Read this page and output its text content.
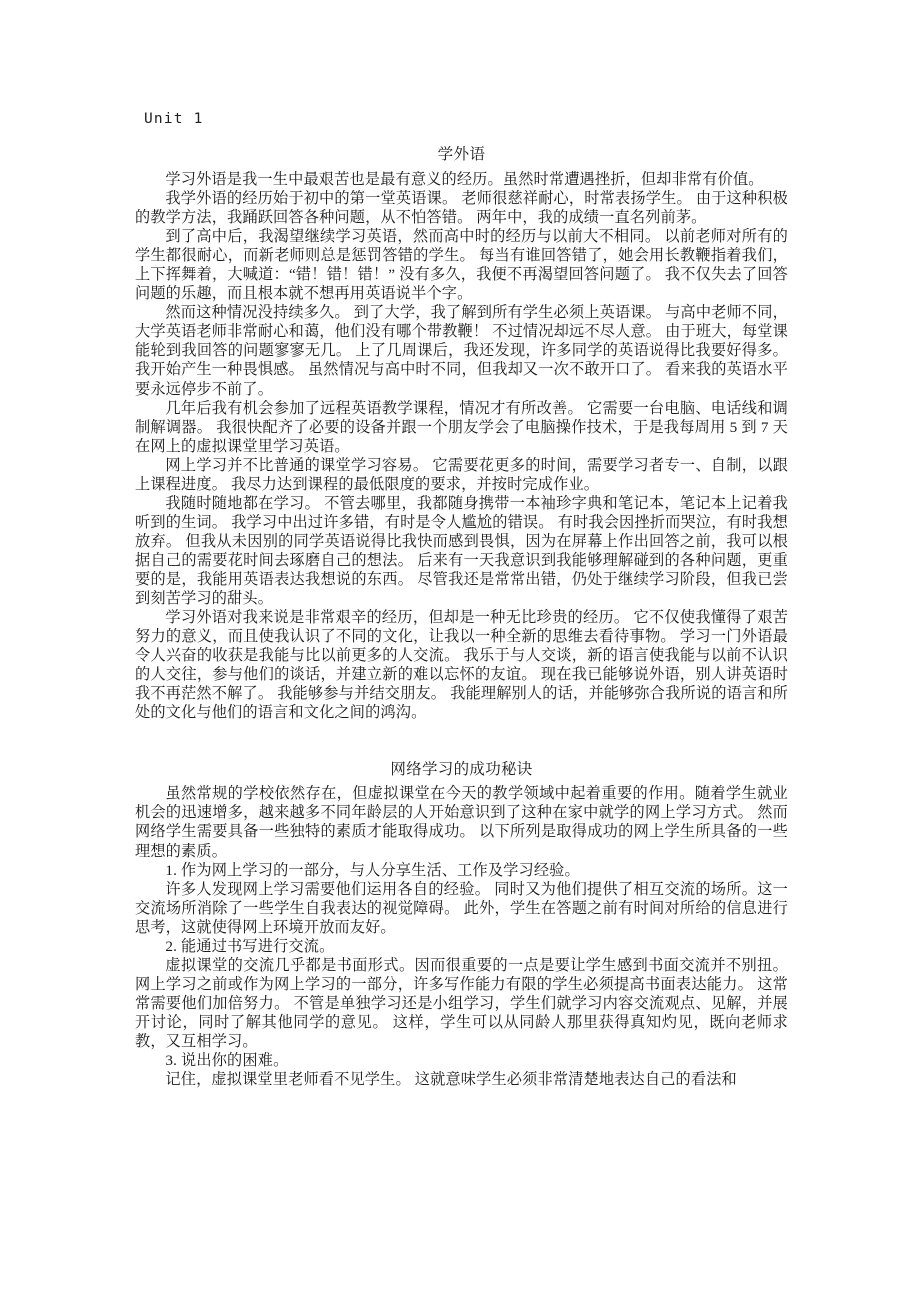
Unit 1
学外语

学习外语是我一生中最艰苦也是最有意义的经历。虽然时常遭遇挫折，但却非常有价值。

我学外语的经历始于初中的第一堂英语课。 老师很慈祥耐心，时常表扬学生。 由于这种积极的教学方法，我踊跃回答各种问题，从不怕答错。 两年中，我的成绩一直名列前茅。

到了高中后，我渴望继续学习英语，然而高中时的经历与以前大不相同。 以前老师对所有的学生都很耐心，而新老师则总是惩罚答错的学生。 每当有谁回答错了，她会用长教鞭指着我们，上下挥舞着，大喊道：“错！错！错！” 没有多久，我便不再渴望回答问题了。 我不仅失去了回答问题的乐趣，而且根本就不想再用英语说半个字。

然而这种情况没持续多久。 到了大学，我了解到所有学生必须上英语课。 与高中老师不同，大学英语老师非常耐心和蔼，他们没有哪个带教鞭！ 不过情况却远不尽人意。 由于班大，每堂课能轮到我回答的问题寥寥无几。 上了几周课后，我还发现，许多同学的英语说得比我要好得多。 我开始产生一种畏惧感。 虽然情况与高中时不同，但我却又一次不敢开口了。 看来我的英语水平要永远停步不前了。

几年后我有机会参加了远程英语教学课程，情况才有所改善。 它需要一台电脑、电话线和调制解调器。 我很快配齐了必要的设备并跟一个朋友学会了电脑操作技术，于是我每周用 5 到 7 天在网上的虚拟课堂里学习英语。

网上学习并不比普通的课堂学习容易。 它需要花更多的时间，需要学习者专一、自制，以跟上课程进度。 我尽力达到课程的最低限度的要求，并按时完成作业。

我随时随地都在学习。 不管去哪里，我都随身携带一本袖珍字典和笔记本，笔记本上记着我听到的生词。 我学习中出过许多错，有时是令人尴尬的错误。 有时我会因挫折而哭泣，有时我想放弃。 但我从未因别的同学英语说得比我快而感到畏惧，因为在屏幕上作出回答之前，我可以根据自己的需要花时间去琢磨自己的想法。 后来有一天我意识到我能够理解碰到的各种问题，更重要的是，我能用英语表达我想说的东西。 尽管我还是常常出错，仍处于继续学习阶段，但我已尝到刻苦学习的甜头。

学习外语对我来说是非常艰辛的经历，但却是一种无比珍贵的经历。 它不仅使我懂得了艰苦努力的意义，而且使我认识了不同的文化，让我以一种全新的思维去看待事物。 学习一门外语最令人兴奋的收获是我能与比以前更多的人交流。 我乐于与人交谈，新的语言使我能与以前不认识的人交往，参与他们的谈话，并建立新的难以忘怀的友谊。 现在我已能够说外语，别人讲英语时我不再茫然不解了。 我能够参与并结交朋友。 我能理解别人的话，并能够弥合我所说的语言和所处的文化与他们的语言和文化之间的鸿沟。

网络学习的成功秘诀

虽然常规的学校依然存在，但虚拟课堂在今天的教学领域中起着重要的作用。随着学生就业机会的迅速增多，越来越多不同年龄层的人开始意识到了这种在家中就学的网上学习方式。 然而网络学生需要具备一些独特的素质才能取得成功。 以下所列是取得成功的网上学生所具备的一些理想的素质。

1. 作为网上学习的一部分，与人分享生活、工作及学习经验。

许多人发现网上学习需要他们运用各自的经验。 同时又为他们提供了相互交流的场所。这一交流场所消除了一些学生自我表达的视觉障碍。 此外，学生在答题之前有时间对所给的信息进行思考，这就使得网上环境开放而友好。

2. 能通过书写进行交流。

虚拟课堂的交流几乎都是书面形式。因而很重要的一点是要让学生感到书面交流并不别扭。 网上学习之前或作为网上学习的一部分，许多写作能力有限的学生必须提高书面表达能力。 这常常需要他们加倍努力。 不管是单独学习还是小组学习，学生们就学习内容交流观点、见解，并展开讨论，同时了解其他同学的意见。 这样，学生可以从同龄人那里获得真知灼见，既向老师求教，又互相学习。

3. 说出你的困难。

记住，虚拟课堂里老师看不见学生。 这就意味学生必须非常清楚地表达自己的看法和
